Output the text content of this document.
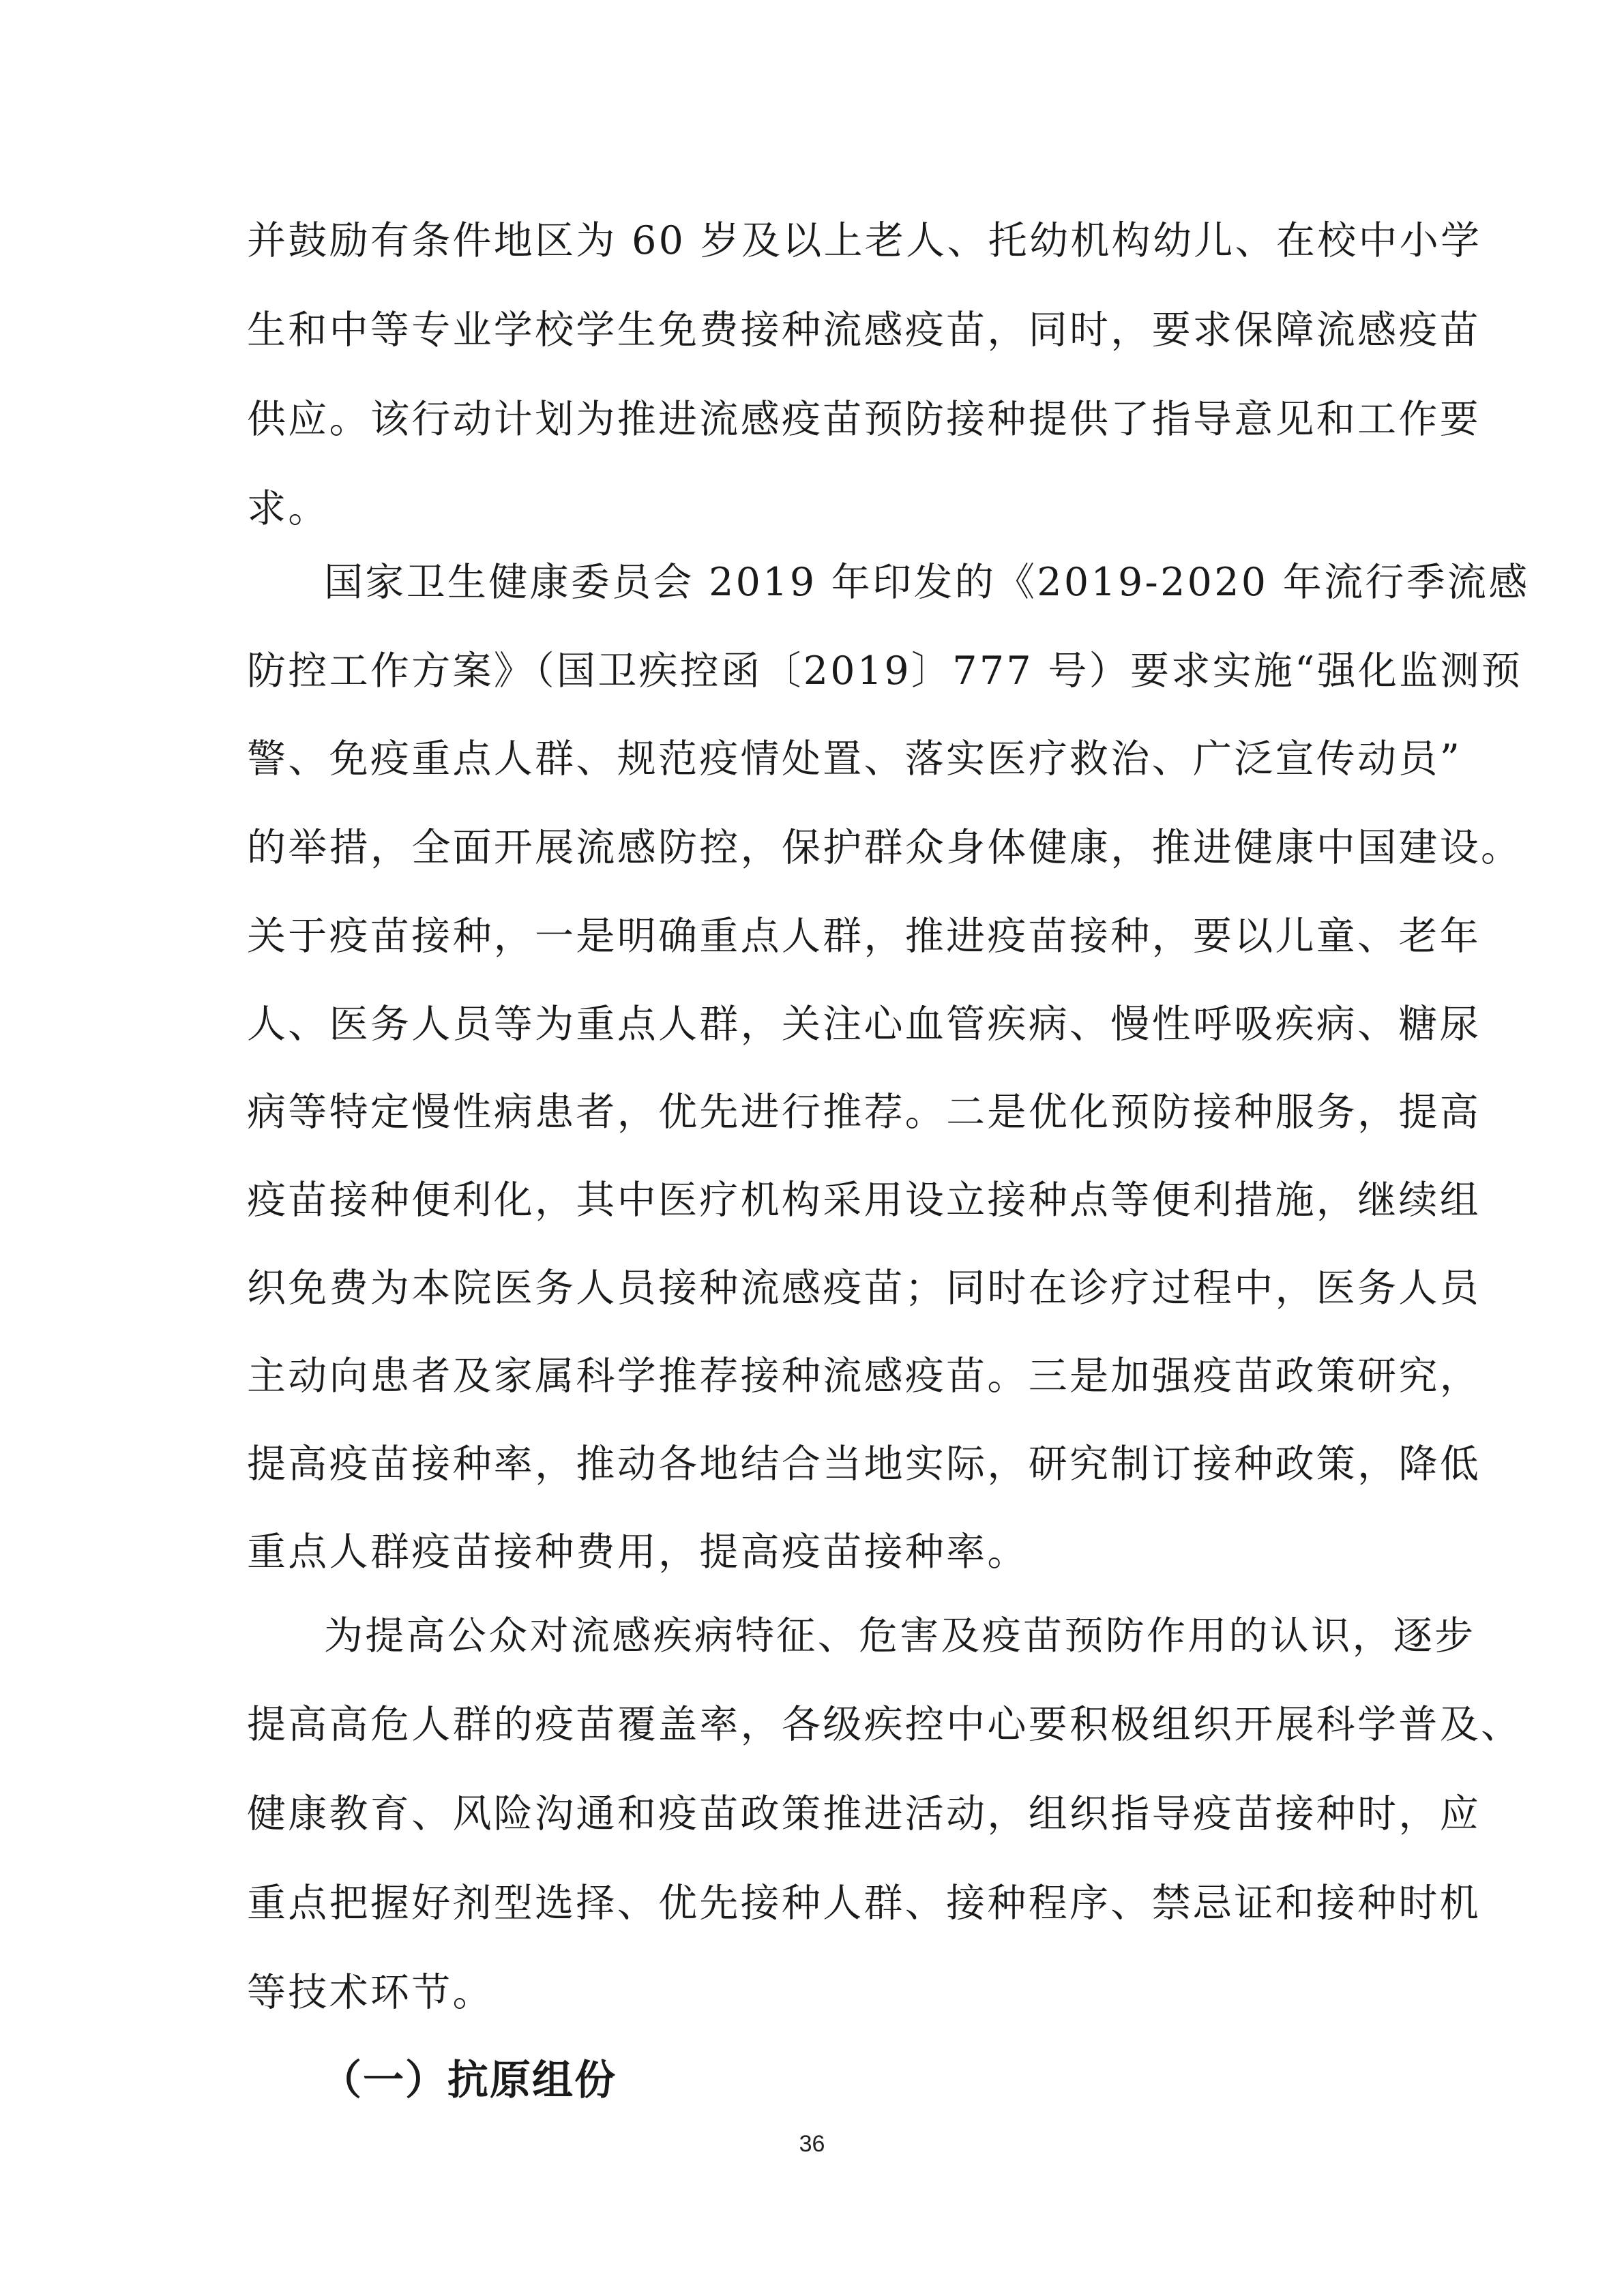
并鼓励有条件地区为 60 岁及以上老人、托幼机构幼儿、在校中小学
生和中等专业学校学生免费接种流感疫苗，同时，要求保障流感疫苗
供应。该行动计划为推进流感疫苗预防接种提供了指导意见和工作要
求。
国家卫生健康委员会 2019 年印发的《2019-2020 年流行季流感
防控工作方案》（国卫疾控函〔2019〕777 号）要求实施“强化监测预
警、免疫重点人群、规范疫情处置、落实医疗救治、广泛宣传动员”
的举措，全面开展流感防控，保护群众身体健康，推进健康中国建设。
关于疫苗接种，一是明确重点人群，推进疫苗接种，要以儿童、老年
人、医务人员等为重点人群，关注心血管疾病、慢性呼吸疾病、糖尿
病等特定慢性病患者，优先进行推荐。二是优化预防接种服务，提高
疫苗接种便利化，其中医疗机构采用设立接种点等便利措施，继续组
织免费为本院医务人员接种流感疫苗；同时在诊疗过程中，医务人员
主动向患者及家属科学推荐接种流感疫苗。三是加强疫苗政策研究，
提高疫苗接种率，推动各地结合当地实际，研究制订接种政策，降低
重点人群疫苗接种费用，提高疫苗接种率。
为提高公众对流感疾病特征、危害及疫苗预防作用的认识，逐步
提高高危人群的疫苗覆盖率，各级疾控中心要积极组织开展科学普及、
健康教育、风险沟通和疫苗政策推进活动，组织指导疫苗接种时，应
重点把握好剂型选择、优先接种人群、接种程序、禁忌证和接种时机
等技术环节。
（一）抗原组份
36
